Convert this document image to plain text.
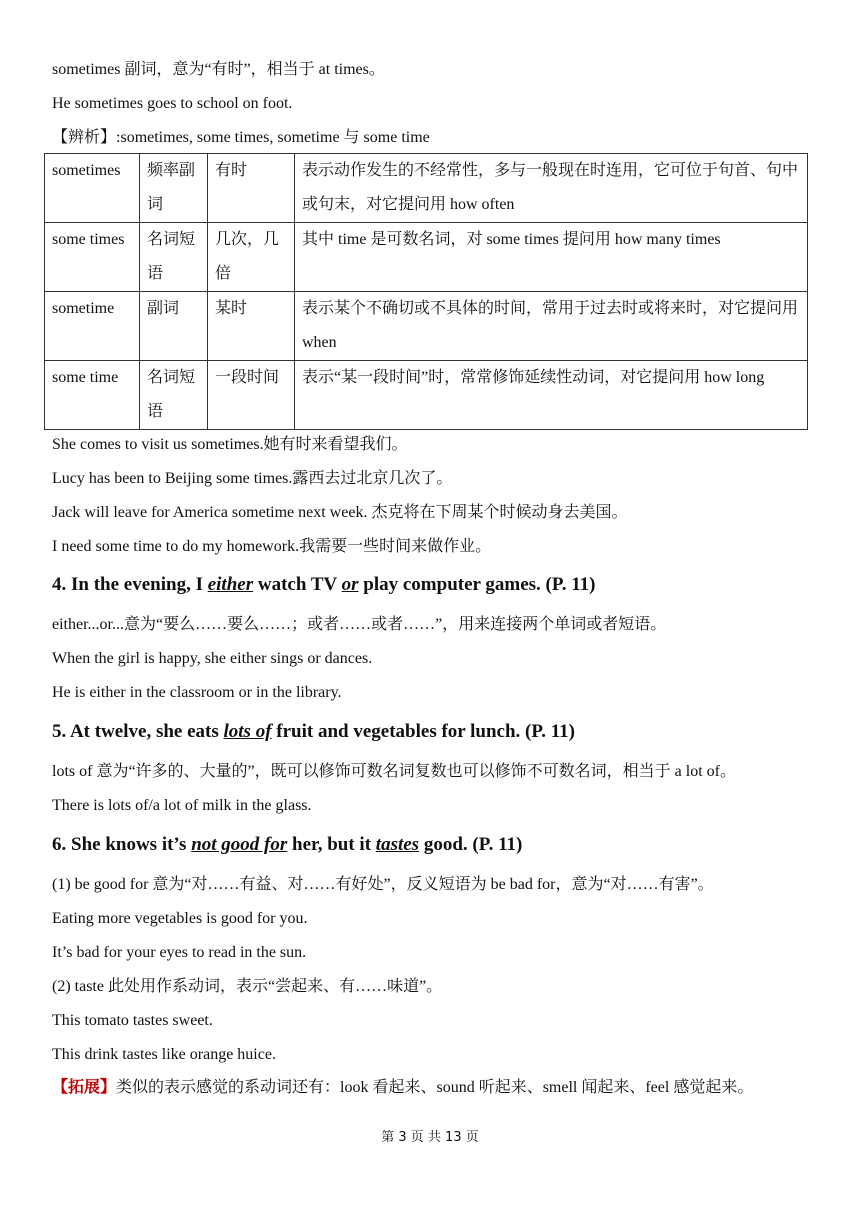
sometimes 副词，意为“有时”，相当于 at times。
He sometimes goes to school on foot.
【辨析】:sometimes, some times, sometime 与 some time
sometimes	频率副词	有时	表示动作发生的不经常性，多与一般现在时连用，它可位于句首、句中或句末，对它提问用 how often
some times	名词短语	几次，几倍	其中 time 是可数名词，对 some times 提问用 how many times
sometime	副词	某时	表示某个不确切或不具体的时间，常用于过去时或将来时，对它提问用 when
some time	名词短语	一段时间	表示“某一段时间”时，常常修饰延续性动词，对它提问用 how long
She comes to visit us sometimes.她有时来看望我们。
Lucy has been to Beijing some times.露西去过北京几次了。
Jack will leave for America sometime next week. 杰克将在下周某个时候动身去美国。
I need some time to do my homework.我需要一些时间来做作业。
4. In the evening, I either watch TV or play computer games. (P. 11)
either...or...意为“要么……要么……；或者……或者……”，用来连接两个单词或者短语。
When the girl is happy, she either sings or dances.
He is either in the classroom or in the library.
5. At twelve, she eats lots of fruit and vegetables for lunch. (P. 11)
lots of 意为“许多的、大量的”，既可以修饰可数名词复数也可以修饰不可数名词，相当于 a lot of。
There is lots of/a lot of milk in the glass.
6. She knows it’s not good for her, but it tastes good. (P. 11)
(1) be good for 意为“对……有益、对……有好处”，反义短语为 be bad for，意为“对……有害”。
Eating more vegetables is good for you.
It’s bad for your eyes to read in the sun.
(2) taste 此处用作系动词，表示“尝起来、有……味道”。
This tomato tastes sweet.
This drink tastes like orange huice.
【拓展】类似的表示感觉的系动词还有：look 看起来、sound 听起来、smell 闻起来、feel 感觉起来。
第 3 页 共 13 页
